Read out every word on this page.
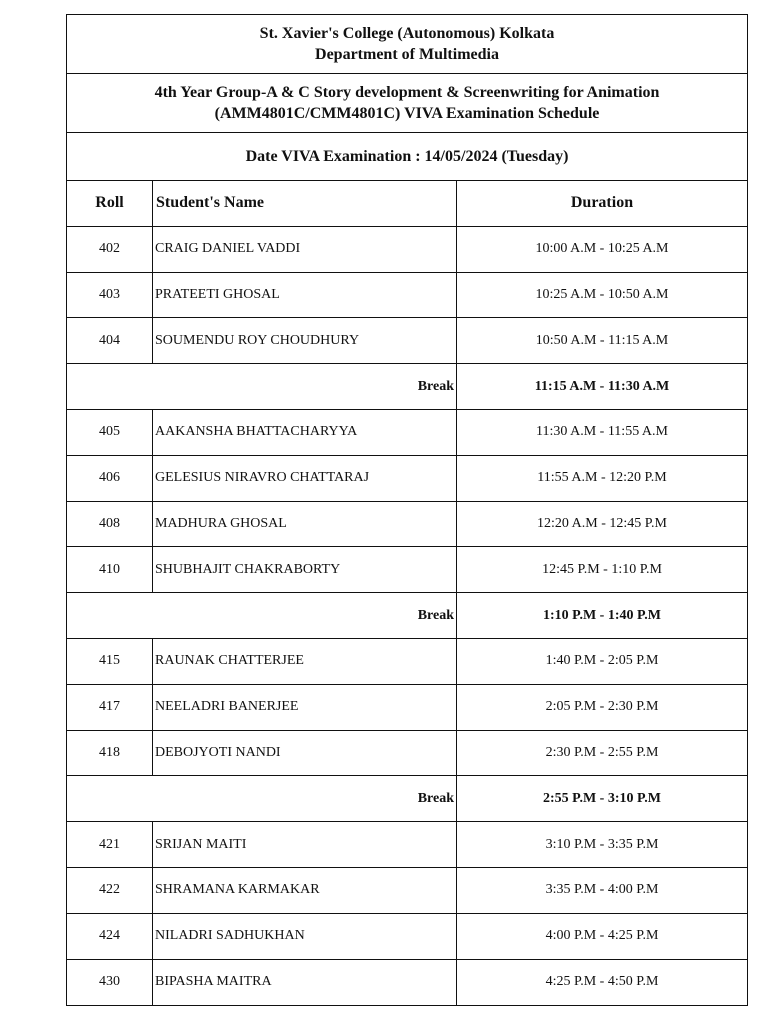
St. Xavier's College (Autonomous) Kolkata
Department of Multimedia
4th Year Group-A & C Story development & Screenwriting for Animation
(AMM4801C/CMM4801C) VIVA Examination Schedule
Date VIVA Examination : 14/05/2024 (Tuesday)
Roll	Student's Name	Duration
402	CRAIG DANIEL VADDI	10:00 A.M - 10:25 A.M
403	PRATEETI GHOSAL	10:25 A.M - 10:50 A.M
404	SOUMENDU ROY CHOUDHURY	10:50 A.M - 11:15 A.M
Break	11:15 A.M - 11:30 A.M
405	AAKANSHA BHATTACHARYYA	11:30 A.M - 11:55 A.M
406	GELESIUS NIRAVRO CHATTARAJ	11:55 A.M - 12:20 P.M
408	MADHURA GHOSAL	12:20 A.M - 12:45 P.M
410	SHUBHAJIT CHAKRABORTY	12:45 P.M - 1:10 P.M
Break	1:10 P.M - 1:40 P.M
415	RAUNAK CHATTERJEE	1:40 P.M - 2:05 P.M
417	NEELADRI BANERJEE	2:05 P.M - 2:30 P.M
418	DEBOJYOTI NANDI	2:30 P.M - 2:55 P.M
Break	2:55 P.M - 3:10 P.M
421	SRIJAN MAITI	3:10 P.M - 3:35 P.M
422	SHRAMANA KARMAKAR	3:35 P.M - 4:00 P.M
424	NILADRI SADHUKHAN	4:00 P.M - 4:25 P.M
430	BIPASHA MAITRA	4:25 P.M - 4:50 P.M
